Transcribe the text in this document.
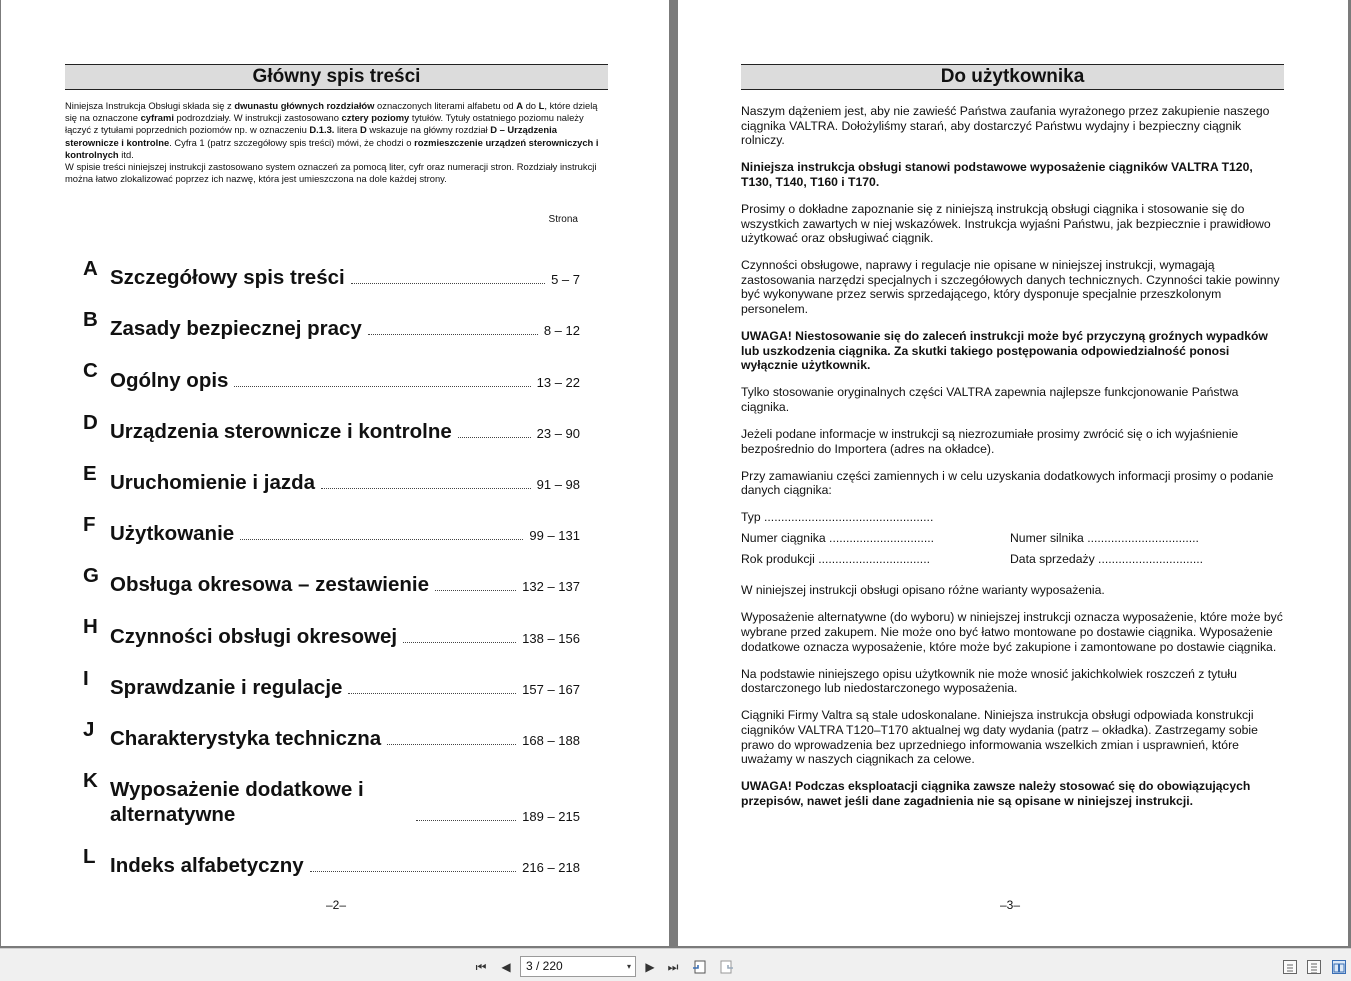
Główny spis treści
Niniejsza Instrukcja Obsługi składa się z dwunastu głównych rozdziałów oznaczonych literami alfabetu od A do L, które dzielą się na oznaczone cyframi podrozdziały. W instrukcji zastosowano cztery poziomy tytułów. Tytuły ostatniego poziomu należy łączyć z tytułami poprzednich poziomów np. w oznaczeniu D.1.3. litera D wskazuje na główny rozdział D – Urządzenia sterownicze i kontrolne. Cyfra 1 (patrz szczegółowy spis treści) mówi, że chodzi o rozmieszczenie urządzeń sterowniczych i kontrolnych itd.
W spisie treści niniejszej instrukcji zastosowano system oznaczeń za pomocą liter, cyfr oraz numeracji stron. Rozdziały instrukcji można łatwo zlokalizować poprzez ich nazwę, która jest umieszczona na dole każdej strony.
Strona
A Szczegółowy spis treści	5 – 7
B Zasady bezpiecznej pracy	8 – 12
C Ogólny opis	13 – 22
D Urządzenia sterownicze i kontrolne	23 – 90
E Uruchomienie i jazda	91 – 98
F Użytkowanie	99 – 131
G Obsługa okresowa – zestawienie	132 – 137
H Czynności obsługi okresowej	138 – 156
I	Sprawdzanie i regulacje	157 – 167
J Charakterystyka techniczna	168 – 188
K Wyposażenie dodatkowe i alternatywne	189 – 215
L Indeks alfabetyczny	216 – 218
–2–
Do użytkownika

Naszym dążeniem jest, aby nie zawieść Państwa zaufania wyrażonego przez zakupienie naszego ciągnika VALTRA. Dołożyliśmy starań, aby dostarczyć Państwu wydajny i bezpieczny ciągnik rolniczy.

Niniejsza instrukcja obsługi stanowi podstawowe wyposażenie ciągników VALTRA T120, T130, T140, T160 i T170.

Prosimy o dokładne zapoznanie się z niniejszą instrukcją obsługi ciągnika i stosowanie się do wszystkich zawartych w niej wskazówek. Instrukcja wyjaśni Państwu, jak bezpiecznie i prawidłowo użytkować oraz obsługiwać ciągnik.

Czynności obsługowe, naprawy i regulacje nie opisane w niniejszej instrukcji, wymagają zastosowania narzędzi specjalnych i szczegółowych danych technicznych. Czynności takie powinny być wykonywane przez serwis sprzedającego, który dysponuje specjalnie przeszkolonym personelem.

UWAGA! Niestosowanie się do zaleceń instrukcji może być przyczyną groźnych wypadków lub uszkodzenia ciągnika. Za skutki takiego postępowania odpowiedzialność ponosi wyłącznie użytkownik.

Tylko stosowanie oryginalnych części VALTRA zapewnia najlepsze funkcjonowanie Państwa ciągnika.

Jeżeli podane informacje w instrukcji są niezrozumiałe prosimy zwrócić się o ich wyjaśnienie bezpośrednio do Importera (adres na okładce).

Przy zamawianiu części zamiennych i w celu uzyskania dodatkowych informacji prosimy o podanie danych ciągnika:

Typ ..................................................
Numer ciągnika ...............................	Numer silnika .................................
Rok produkcji .................................	Data sprzedaży ...............................

W niniejszej instrukcji obsługi opisano różne warianty wyposażenia.

Wyposażenie alternatywne (do wyboru) w niniejszej instrukcji oznacza wyposażenie, które może być wybrane przed zakupem. Nie może ono być łatwo montowane po dostawie ciągnika. Wyposażenie dodatkowe oznacza wyposażenie, które może być zakupione i zamontowane po dostawie ciągnika.

Na podstawie niniejszego opisu użytkownik nie może wnosić jakichkolwiek roszczeń z tytułu dostarczonego lub niedostarczonego wyposażenia.

Ciągniki Firmy Valtra są stale udoskonalane. Niniejsza instrukcja obsługi odpowiada konstrukcji ciągników VALTRA T120–T170 aktualnej wg daty wydania (patrz – okładka). Zastrzegamy sobie prawo do wprowadzenia bez uprzedniego informowania wszelkich zmian i usprawnień, które uważamy w naszych ciągnikach za celowe.

UWAGA! Podczas eksploatacji ciągnika zawsze należy stosować się do obowiązujących przepisów, nawet jeśli dane zagadnienia nie są opisane w niniejszej instrukcji.

–3–
⏮ ◀	▶ ⏭
3 / 220	▾
